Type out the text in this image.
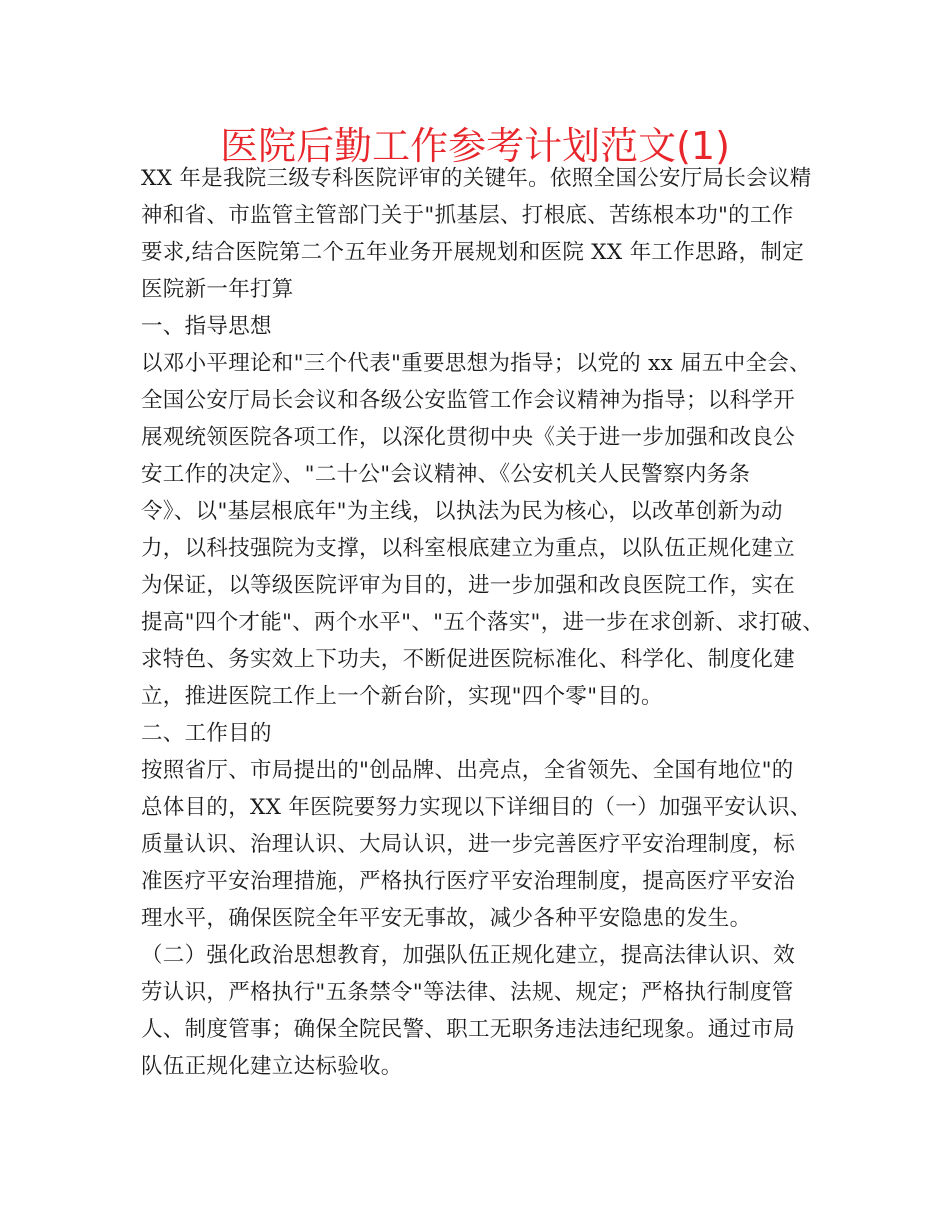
医院后勤工作参考计划范文(1)
XX 年是我院三级专科医院评审的关键年。依照全国公安厅局长会议精
神和省、市监管主管部门关于"抓基层、打根底、苦练根本功"的工作
要求,结合医院第二个五年业务开展规划和医院 XX 年工作思路，制定
医院新一年打算
一、指导思想
以邓小平理论和"三个代表"重要思想为指导；以党的 xx 届五中全会、
全国公安厅局长会议和各级公安监管工作会议精神为指导；以科学开
展观统领医院各项工作，以深化贯彻中央《关于进一步加强和改良公
安工作的决定》、"二十公"会议精神、《公安机关人民警察内务条
令》、以"基层根底年"为主线，以执法为民为核心，以改革创新为动
力，以科技强院为支撑，以科室根底建立为重点，以队伍正规化建立
为保证，以等级医院评审为目的，进一步加强和改良医院工作，实在
提高"四个才能"、两个水平"、"五个落实"，进一步在求创新、求打破、
求特色、务实效上下功夫，不断促进医院标准化、科学化、制度化建
立，推进医院工作上一个新台阶，实现"四个零"目的。
二、工作目的
按照省厅、市局提出的"创品牌、出亮点，全省领先、全国有地位"的
总体目的，XX 年医院要努力实现以下详细目的（一）加强平安认识、
质量认识、治理认识、大局认识，进一步完善医疗平安治理制度，标
准医疗平安治理措施，严格执行医疗平安治理制度，提高医疗平安治
理水平，确保医院全年平安无事故，减少各种平安隐患的发生。
（二）强化政治思想教育，加强队伍正规化建立，提高法律认识、效
劳认识，严格执行"五条禁令"等法律、法规、规定；严格执行制度管
人、制度管事；确保全院民警、职工无职务违法违纪现象。通过市局
队伍正规化建立达标验收。
